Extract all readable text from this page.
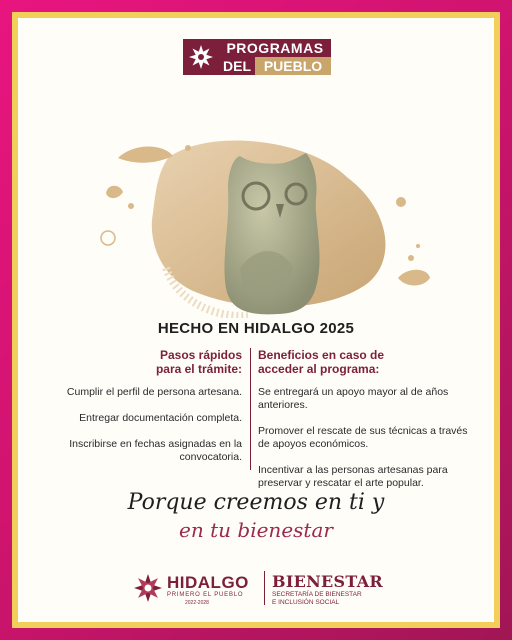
PROGRAMAS
DEL PUEBLO
HECHO EN HIDALGO 2025
Pasos rápidos
para el trámite:
Cumplir el perfil de persona artesana.
Entregar documentación completa.
Inscribirse en fechas asignadas en la convocatoria.
Beneficios en caso de
acceder al programa:
Se entregará un apoyo mayor al de años anteriores.
Promover el rescate de sus técnicas a través de apoyos económicos.
Incentivar a las personas artesanas para preservar y rescatar el arte popular.
Porque creemos en ti y
en tu bienestar
HIDALGO
PRIMERO EL PUEBLO
2022-2028
BIENESTAR
SECRETARÍA DE BIENESTAR
E INCLUSIÓN SOCIAL
